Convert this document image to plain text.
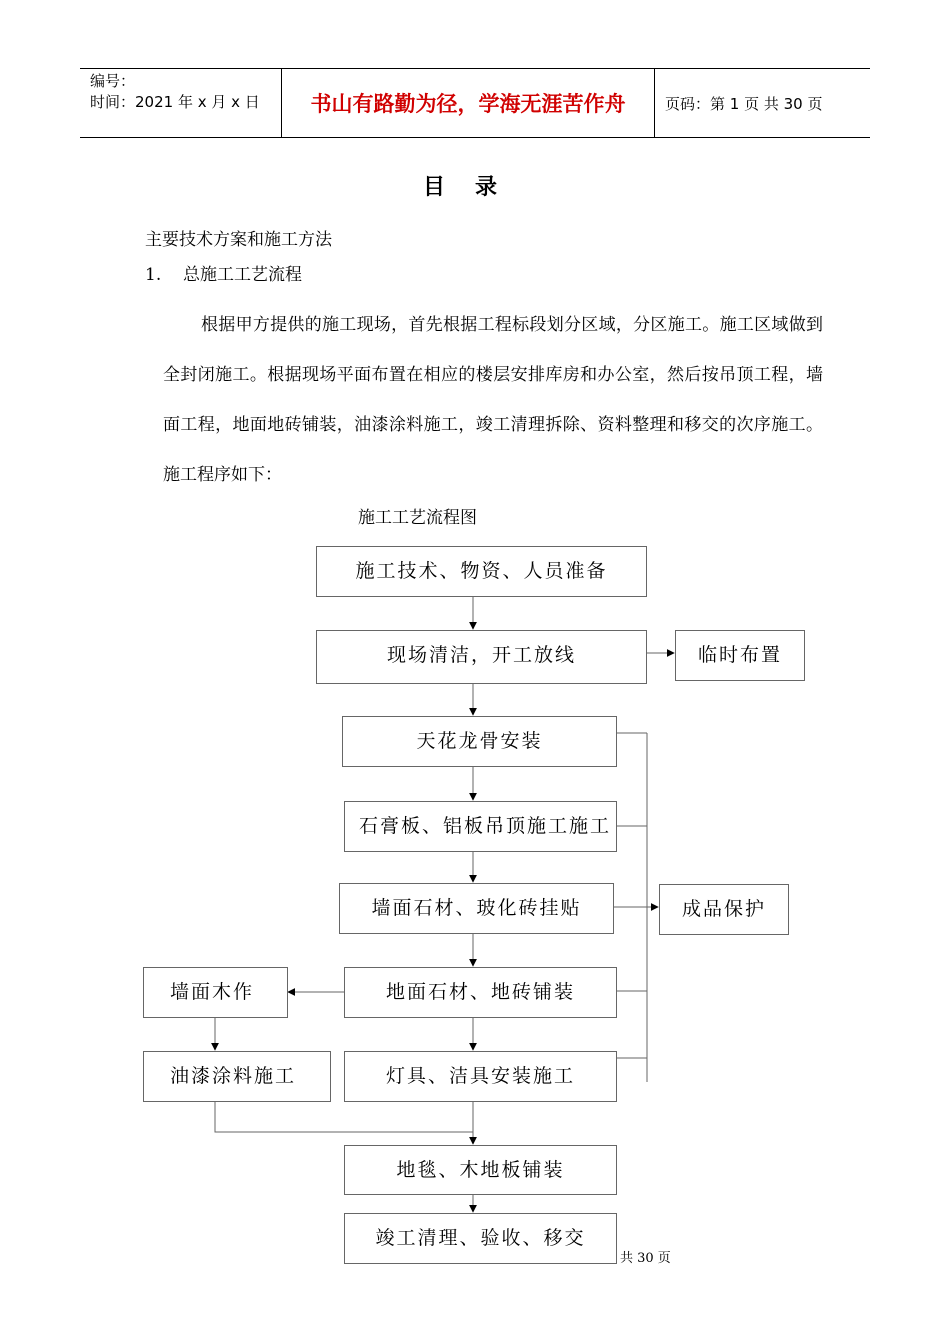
编号：
时间：2021 年 x 月 x 日	书山有路勤为径，学海无涯苦作舟	页码：第 1 页 共 30 页
目录
主要技术方案和施工方法
1. 总施工工艺流程
根据甲方提供的施工现场，首先根据工程标段划分区域，分区施工。施工区域做到全封闭施工。根据现场平面布置在相应的楼层安排库房和办公室，然后按吊顶工程，墙面工程，地面地砖铺装，油漆涂料施工，竣工清理拆除、资料整理和移交的次序施工。施工程序如下：
施工工艺流程图
施工技术、物资、人员准备
现场清洁，开工放线	临时布置
天花龙骨安装
石膏板、铝板吊顶施工施工
墙面石材、玻化砖挂贴	成品保护
地面石材、地砖铺装
墙面木作
油漆涂料施工	灯具、洁具安装施工
地毯、木地板铺装
竣工清理、验收、移交
共 30 页
